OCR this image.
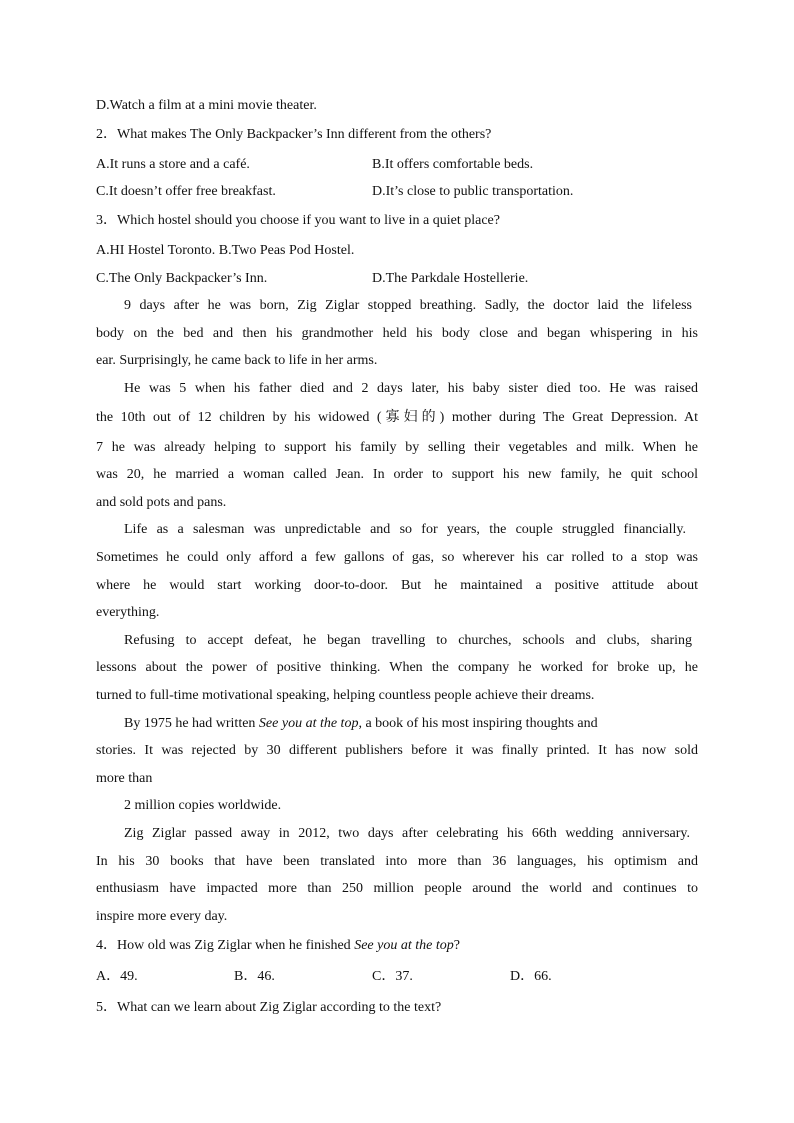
D.Watch a film at a mini movie theater.
2．What makes The Only Backpacker’s Inn different from the others?
A.It runs a store and a café.	B.It offers comfortable beds.
C.It doesn’t offer free breakfast.	D.It’s close to public transportation.
3．Which hostel should you choose if you want to live in a quiet place?
A.HI Hostel Toronto. B.Two Peas Pod Hostel.
C.The Only Backpacker’s Inn.	D.The Parkdale Hostellerie.
9 days after he was born, Zig Ziglar stopped breathing. Sadly, the doctor laid the lifeless
body on the bed and then his grandmother held his body close and began whispering in his
ear. Surprisingly, he came back to life in her arms.
He was 5 when his father died and 2 days later, his baby sister died too. He was raised
the 10th out of 12 children by his widowed (寡妇的) mother during The Great Depression. At
7 he was already helping to support his family by selling their vegetables and milk. When he
was 20, he married a woman called Jean. In order to support his new family, he quit school
and sold pots and pans.
Life as a salesman was unpredictable and so for years, the couple struggled financially.
Sometimes he could only afford a few gallons of gas, so wherever his car rolled to a stop was
where he would start working door-to-door. But he maintained a positive attitude about
everything.
Refusing to accept defeat, he began travelling to churches, schools and clubs, sharing
lessons about the power of positive thinking. When the company he worked for broke up, he
turned to full-time motivational speaking, helping countless people achieve their dreams.
By 1975 he had written See you at the top, a book of his most inspiring thoughts and
stories. It was rejected by 30 different publishers before it was finally printed. It has now sold
more than
2 million copies worldwide.
Zig Ziglar passed away in 2012, two days after celebrating his 66th wedding anniversary.
In his 30 books that have been translated into more than 36 languages, his optimism and
enthusiasm have impacted more than 250 million people around the world and continues to
inspire more every day.
4．How old was Zig Ziglar when he finished See you at the top?
A．49.	B．46.	C．37.	D．66.
5．What can we learn about Zig Ziglar according to the text?
